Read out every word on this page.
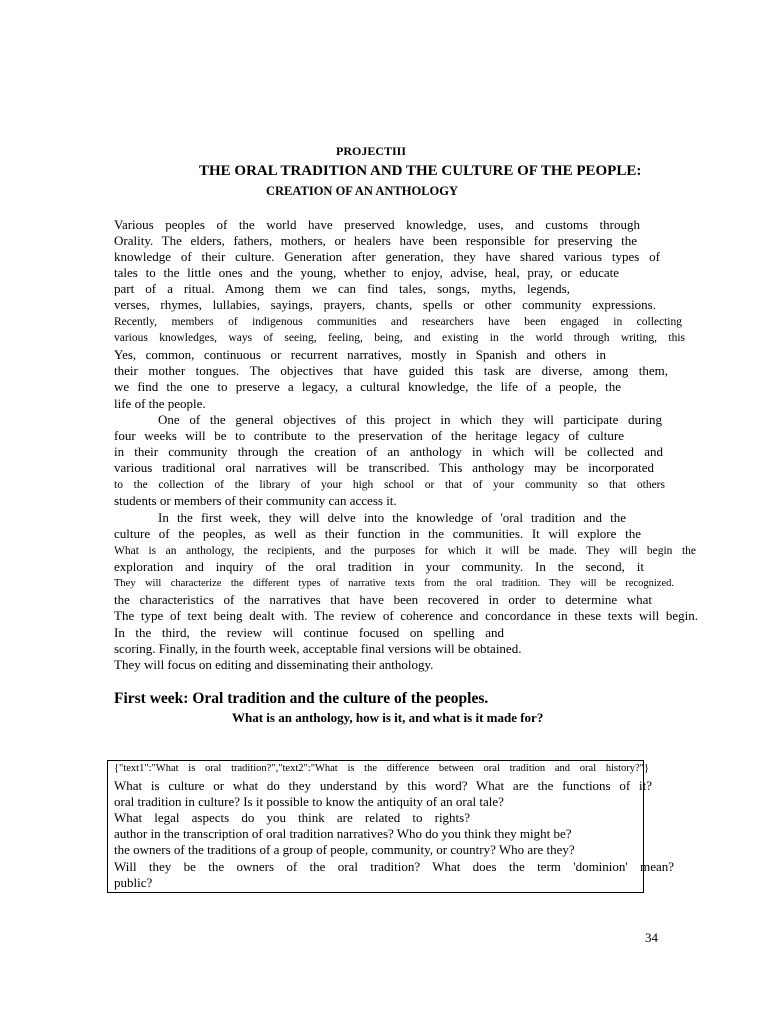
PROJECTIII
THE ORAL TRADITION AND THE CULTURE OF THE PEOPLE:
CREATION OF AN ANTHOLOGY
Various peoples of the world have preserved knowledge, uses, and customs through
Orality. The elders, fathers, mothers, or healers have been responsible for preserving the
knowledge of their culture. Generation after generation, they have shared various types of
tales to the little ones and the young, whether to enjoy, advise, heal, pray, or educate
part of a ritual. Among them we can find tales, songs, myths, legends,
verses, rhymes, lullabies, sayings, prayers, chants, spells or other community expressions.
Recently, members of indigenous communities and researchers have been engaged in collecting
various knowledges, ways of seeing, feeling, being, and existing in the world through writing, this
Yes, common, continuous or recurrent narratives, mostly in Spanish and others in
their mother tongues. The objectives that have guided this task are diverse, among them,
we find the one to preserve a legacy, a cultural knowledge, the life of a people, the
life of the people.
One of the general objectives of this project in which they will participate during
four weeks will be to contribute to the preservation of the heritage legacy of culture
in their community through the creation of an anthology in which will be collected and
various traditional oral narratives will be transcribed. This anthology may be incorporated
to the collection of the library of your high school or that of your community so that others
students or members of their community can access it.
In the first week, they will delve into the knowledge of 'oral tradition and the
culture of the peoples, as well as their function in the communities. It will explore the
What is an anthology, the recipients, and the purposes for which it will be made. They will begin the
exploration and inquiry of the oral tradition in your community. In the second, it
They will characterize the different types of narrative texts from the oral tradition. They will be recognized.
the characteristics of the narratives that have been recovered in order to determine what
The type of text being dealt with. The review of coherence and concordance in these texts will begin.
In the third, the review will continue focused on spelling and
scoring. Finally, in the fourth week, acceptable final versions will be obtained.
They will focus on editing and disseminating their anthology.
First week: Oral tradition and the culture of the peoples.
What is an anthology, how is it, and what is it made for?
{"text1":"What is oral tradition?","text2":"What is the difference between oral tradition and oral history?"}
What is culture or what do they understand by this word? What are the functions of it?
oral tradition in culture? Is it possible to know the antiquity of an oral tale?
What legal aspects do you think are related to rights?
author in the transcription of oral tradition narratives? Who do you think they might be?
the owners of the traditions of a group of people, community, or country? Who are they?
Will they be the owners of the oral tradition? What does the term 'dominion' mean?
public?
34
